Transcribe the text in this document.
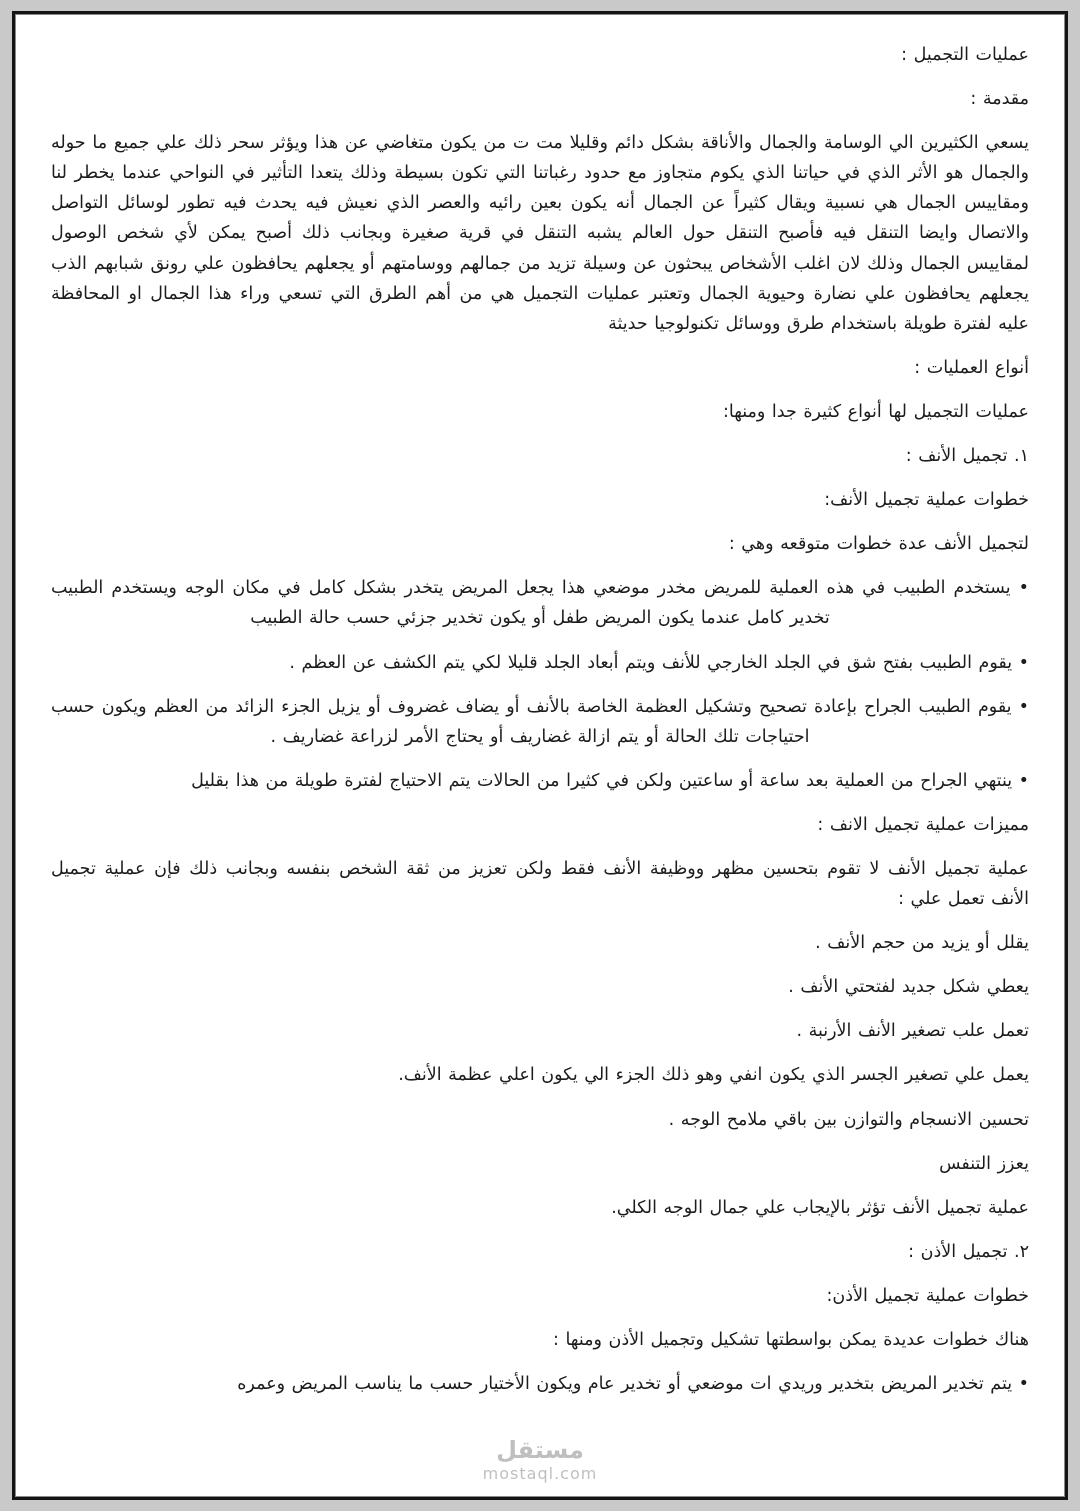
عمليات التجميل :

مقدمة :

يسعي الكثيرين الي الوسامة والجمال والأناقة بشكل دائم وقليلا مت ت من يكون متغاضي عن هذا ويؤثر سحر ذلك علي جميع ما حوله والجمال هو الأثر الذي في حياتنا الذي يكوم متجاوز مع حدود رغباتنا التي تكون بسيطة وذلك يتعدا التأثير في النواحي عندما يخطر لنا ومقاييس الجمال هي نسبية ويقال كثيراً عن الجمال أنه يكون بعين رائيه والعصر الذي نعيش فيه يحدث فيه تطور لوسائل التواصل والاتصال وايضا التنقل فيه فأصبح التنقل حول العالم يشبه التنقل في قرية صغيرة وبجانب ذلك أصبح يمكن لأي شخص الوصول لمقاييس الجمال وذلك لان اغلب الأشخاص يبحثون عن وسيلة تزيد من جمالهم ووسامتهم أو يجعلهم يحافظون علي رونق شبابهم الذب يجعلهم يحافظون علي نضارة وحيوية الجمال وتعتبر عمليات التجميل هي من أهم الطرق التي تسعي وراء هذا الجمال او المحافظة عليه لفترة طويلة باستخدام طرق ووسائل تكنولوجيا حديثة

أنواع العمليات :

عمليات التجميل لها أنواع كثيرة جدا ومنها:

١. تجميل الأنف :

خطوات عملية تجميل الأنف:

لتجميل الأنف عدة خطوات متوقعه وهي :

• يستخدم الطبيب في هذه العملية للمريض مخدر موضعي هذا يجعل المريض يتخدر بشكل كامل في مكان الوجه ويستخدم الطبيب تخدير كامل عندما يكون المريض طفل أو يكون تخدير جزئي حسب حالة الطبيب

• يقوم الطبيب بفتح شق في الجلد الخارجي للأنف ويتم أبعاد الجلد قليلا لكي يتم الكشف عن العظم .

• يقوم الطبيب الجراح بإعادة تصحيح وتشكيل العظمة الخاصة بالأنف أو يضاف غضروف أو يزيل الجزء الزائد من العظم ويكون حسب احتياجات تلك الحالة أو يتم ازالة غضاريف أو يحتاج الأمر لزراعة غضاريف .

• ينتهي الجراح من العملية بعد ساعة أو ساعتين ولكن في كثيرا من الحالات يتم الاحتياج لفترة طويلة من هذا بقليل

مميزات عملية تجميل الانف :

عملية تجميل الأنف لا تقوم بتحسين مظهر ووظيفة الأنف فقط ولكن تعزيز من ثقة الشخص بنفسه وبجانب ذلك فإن عملية تجميل الأنف تعمل علي :

يقلل أو يزيد من حجم الأنف .

يعطي شكل جديد لفتحتي الأنف .

تعمل علب تصغير الأنف الأرنبة .

يعمل علي تصغير الجسر الذي يكون انفي وهو ذلك الجزء الي يكون اعلي عظمة الأنف.

تحسين الانسجام والتوازن بين باقي ملامح الوجه .

يعزز التنفس

عملية تجميل الأنف تؤثر بالإيجاب علي جمال الوجه الكلي.

٢. تجميل الأذن :

خطوات عملية تجميل الأذن:

هناك خطوات عديدة يمكن بواسطتها تشكيل وتجميل الأذن ومنها :

• يتم تخدير المريض بتخدير وريدي ات موضعي أو تخدير عام ويكون الأختيار حسب ما يناسب المريض وعمره

مستقل
mostaql.com
